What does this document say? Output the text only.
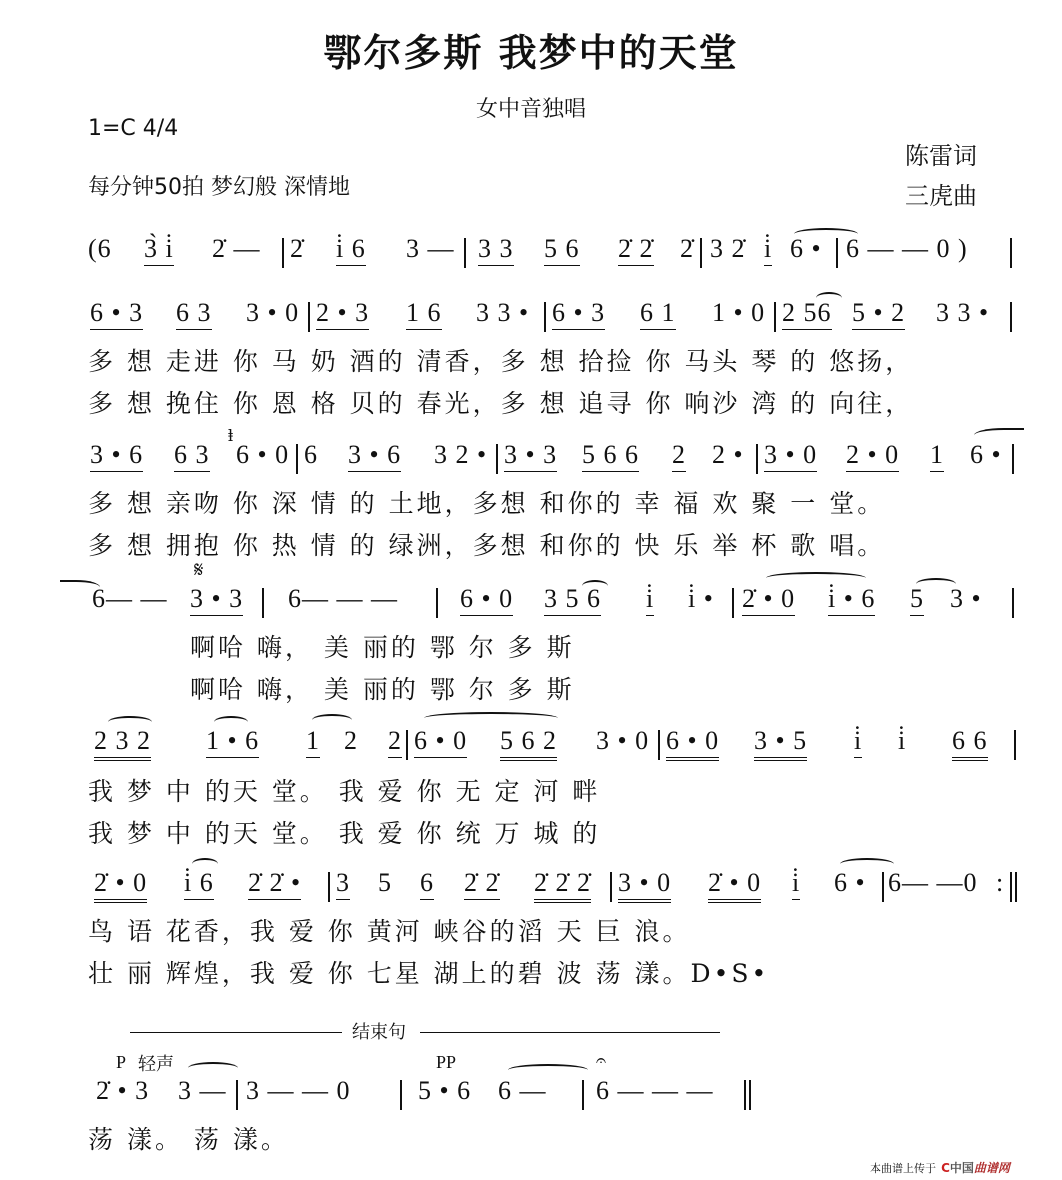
鄂尔多斯 我梦中的天堂
女中音独唱
1=C 4/4
每分钟50拍 梦幻般 深情地
陈雷词
三虎曲
(6 3̀ i̇ 2̇ — 2̇ i̇ 6 3 — 3 3 5 6 2̇ 2̇ 2̇ 3 2̇ i̇ 6 • 6 — — 0 )
6 • 3 6 3 3 • 0 2 • 3 1 6 3 3 • 6 • 3 6 1 1 • 0 2 56 5 • 2 3 3 •
多 想 走进 你 马 奶 酒的 清香，多 想 拾捡 你 马头 琴 的 悠扬，
多 想 挽住 你 恩 格 贝的 春光，多 想 追寻 你 响沙 湾 的 向往，
3 • 6 6 3
ⱡ
6 • 0 6 3 • 6 3 2 • 3 • 3 5 6 6 2 2 • 3 • 0 2 • 0 1 6 •
多 想 亲吻 你 深 情 的 土地，多想 和你的 幸 福 欢 聚 一 堂。
多 想 拥抱 你 热 情 的 绿洲，多想 和你的 快 乐 举 杯 歌 唱。
6— —
𝄋
3 • 3 6— — — 6 • 0 3 5 6 i̇ i̇ • 2̇ • 0 i̇ • 6 5 3 •
啊哈 嗨， 美 丽的 鄂 尔 多 斯
啊哈 嗨， 美 丽的 鄂 尔 多 斯
2 3 2 1 • 6 1 2 2 6 • 0 5 6 2 3 • 0 6 • 0 3 • 5 i̇ i̇ 6 6
我 梦 中 的天 堂。 我 爱 你 无 定 河 畔
我 梦 中 的天 堂。 我 爱 你 统 万 城 的
2̇ • 0 i̇ 6 2̇ 2̇ • 3 5 6 2̇ 2̇ 2̇ 2̇ 2̇ 3 • 0 2̇ • 0 i̇ 6 • 6— —0 :
鸟 语 花香，我 爱 你 黄河 峡谷的滔 天 巨 浪。
壮 丽 辉煌，我 爱 你 七星 湖上的碧 波 荡 漾。D•S•
结束句
P 轻声	PP
2̇ • 3 3 — 3 — — 0	5 • 6 6 —
𝄐
6 — — —
荡 漾。 荡 漾。
本曲谱上传于 C中国曲谱网
